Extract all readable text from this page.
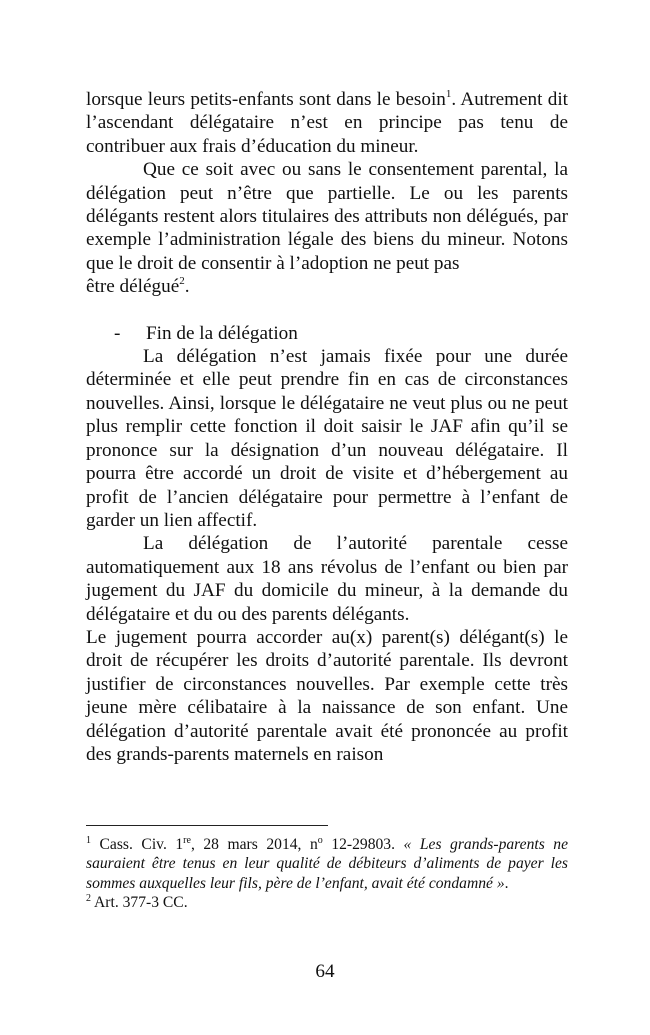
lorsque leurs petits-enfants sont dans le besoin$^1$. Autrement dit l’ascendant délégataire n’est en principe pas tenu de contribuer aux frais d’éducation du mineur.

Que ce soit avec ou sans le consentement parental, la délégation peut n’être que partielle. Le ou les parents délégants restent alors titulaires des attributs non délégués, par exemple l’administration légale des biens du mineur. Notons que le droit de consentir à l’adoption ne peut pas

être délégué$^2$.

-	Fin de la délégation

La délégation n’est jamais fixée pour une durée déterminée et elle peut prendre fin en cas de circonstances nouvelles. Ainsi, lorsque le délégataire ne veut plus ou ne peut plus remplir cette fonction il doit saisir le JAF afin qu’il se prononce sur la désignation d’un nouveau délégataire. Il pourra être accordé un droit de visite et d’hébergement au profit de l’ancien délégataire pour permettre à l’enfant de garder un lien affectif.

La délégation de l’autorité parentale cesse automatiquement aux 18 ans révolus de l’enfant ou bien par jugement du JAF du domicile du mineur, à la demande du délégataire et du ou des parents délégants.

Le jugement pourra accorder au(x) parent(s) délégant(s) le droit de récupérer les droits d’autorité parentale. Ils devront justifier de circonstances nouvelles. Par exemple cette très jeune mère célibataire à la naissance de son enfant. Une délégation d’autorité parentale avait été prononcée au profit des grands-parents maternels en raison

$^1$ Cass. Civ. 1re, 28 mars 2014, $n^o$ 12-29803. « Les grands-parents ne sauraient être tenus en leur qualité de débiteurs d’aliments de payer les sommes auxquelles leur fils, père de l’enfant, avait été condamné ».

$^2$ Art. 377-3 CC.

64
